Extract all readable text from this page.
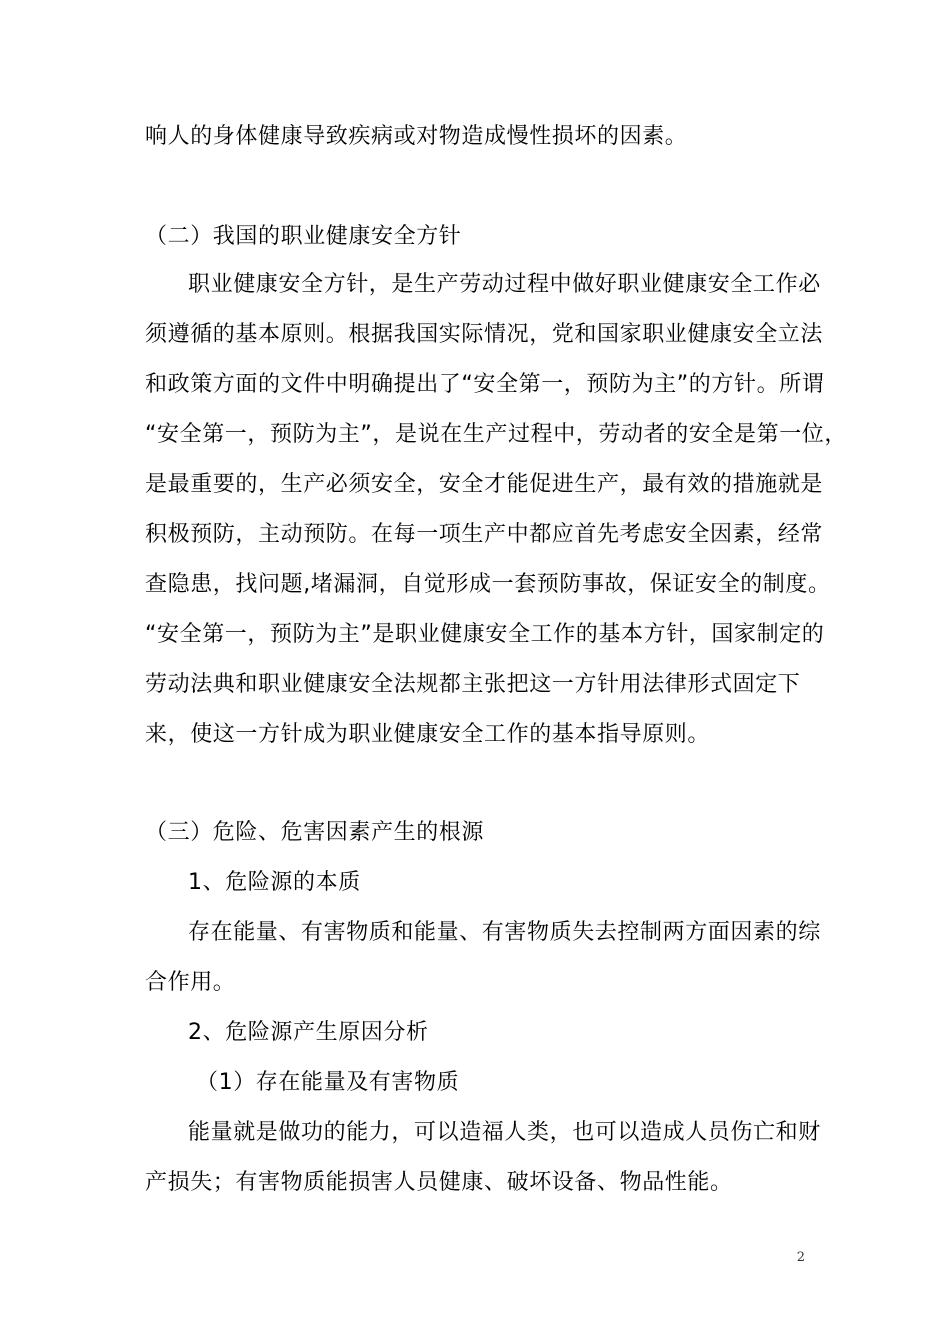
响人的身体健康导致疾病或对物造成慢性损坏的因素。
（二）我国的职业健康安全方针
职业健康安全方针，是生产劳动过程中做好职业健康安全工作必
须遵循的基本原则。根据我国实际情况，党和国家职业健康安全立法
和政策方面的文件中明确提出了“安全第一，预防为主”的方针。所谓
“安全第一，预防为主”，是说在生产过程中，劳动者的安全是第一位，
是最重要的，生产必须安全，安全才能促进生产，最有效的措施就是
积极预防，主动预防。在每一项生产中都应首先考虑安全因素，经常
查隐患，找问题,堵漏洞，自觉形成一套预防事故，保证安全的制度。
“安全第一，预防为主”是职业健康安全工作的基本方针，国家制定的
劳动法典和职业健康安全法规都主张把这一方针用法律形式固定下
来，使这一方针成为职业健康安全工作的基本指导原则。
（三）危险、危害因素产生的根源
1、危险源的本质
存在能量、有害物质和能量、有害物质失去控制两方面因素的综
合作用。
2、危险源产生原因分析
（1）存在能量及有害物质
能量就是做功的能力，可以造福人类，也可以造成人员伤亡和财
产损失；有害物质能损害人员健康、破坏设备、物品性能。
2
